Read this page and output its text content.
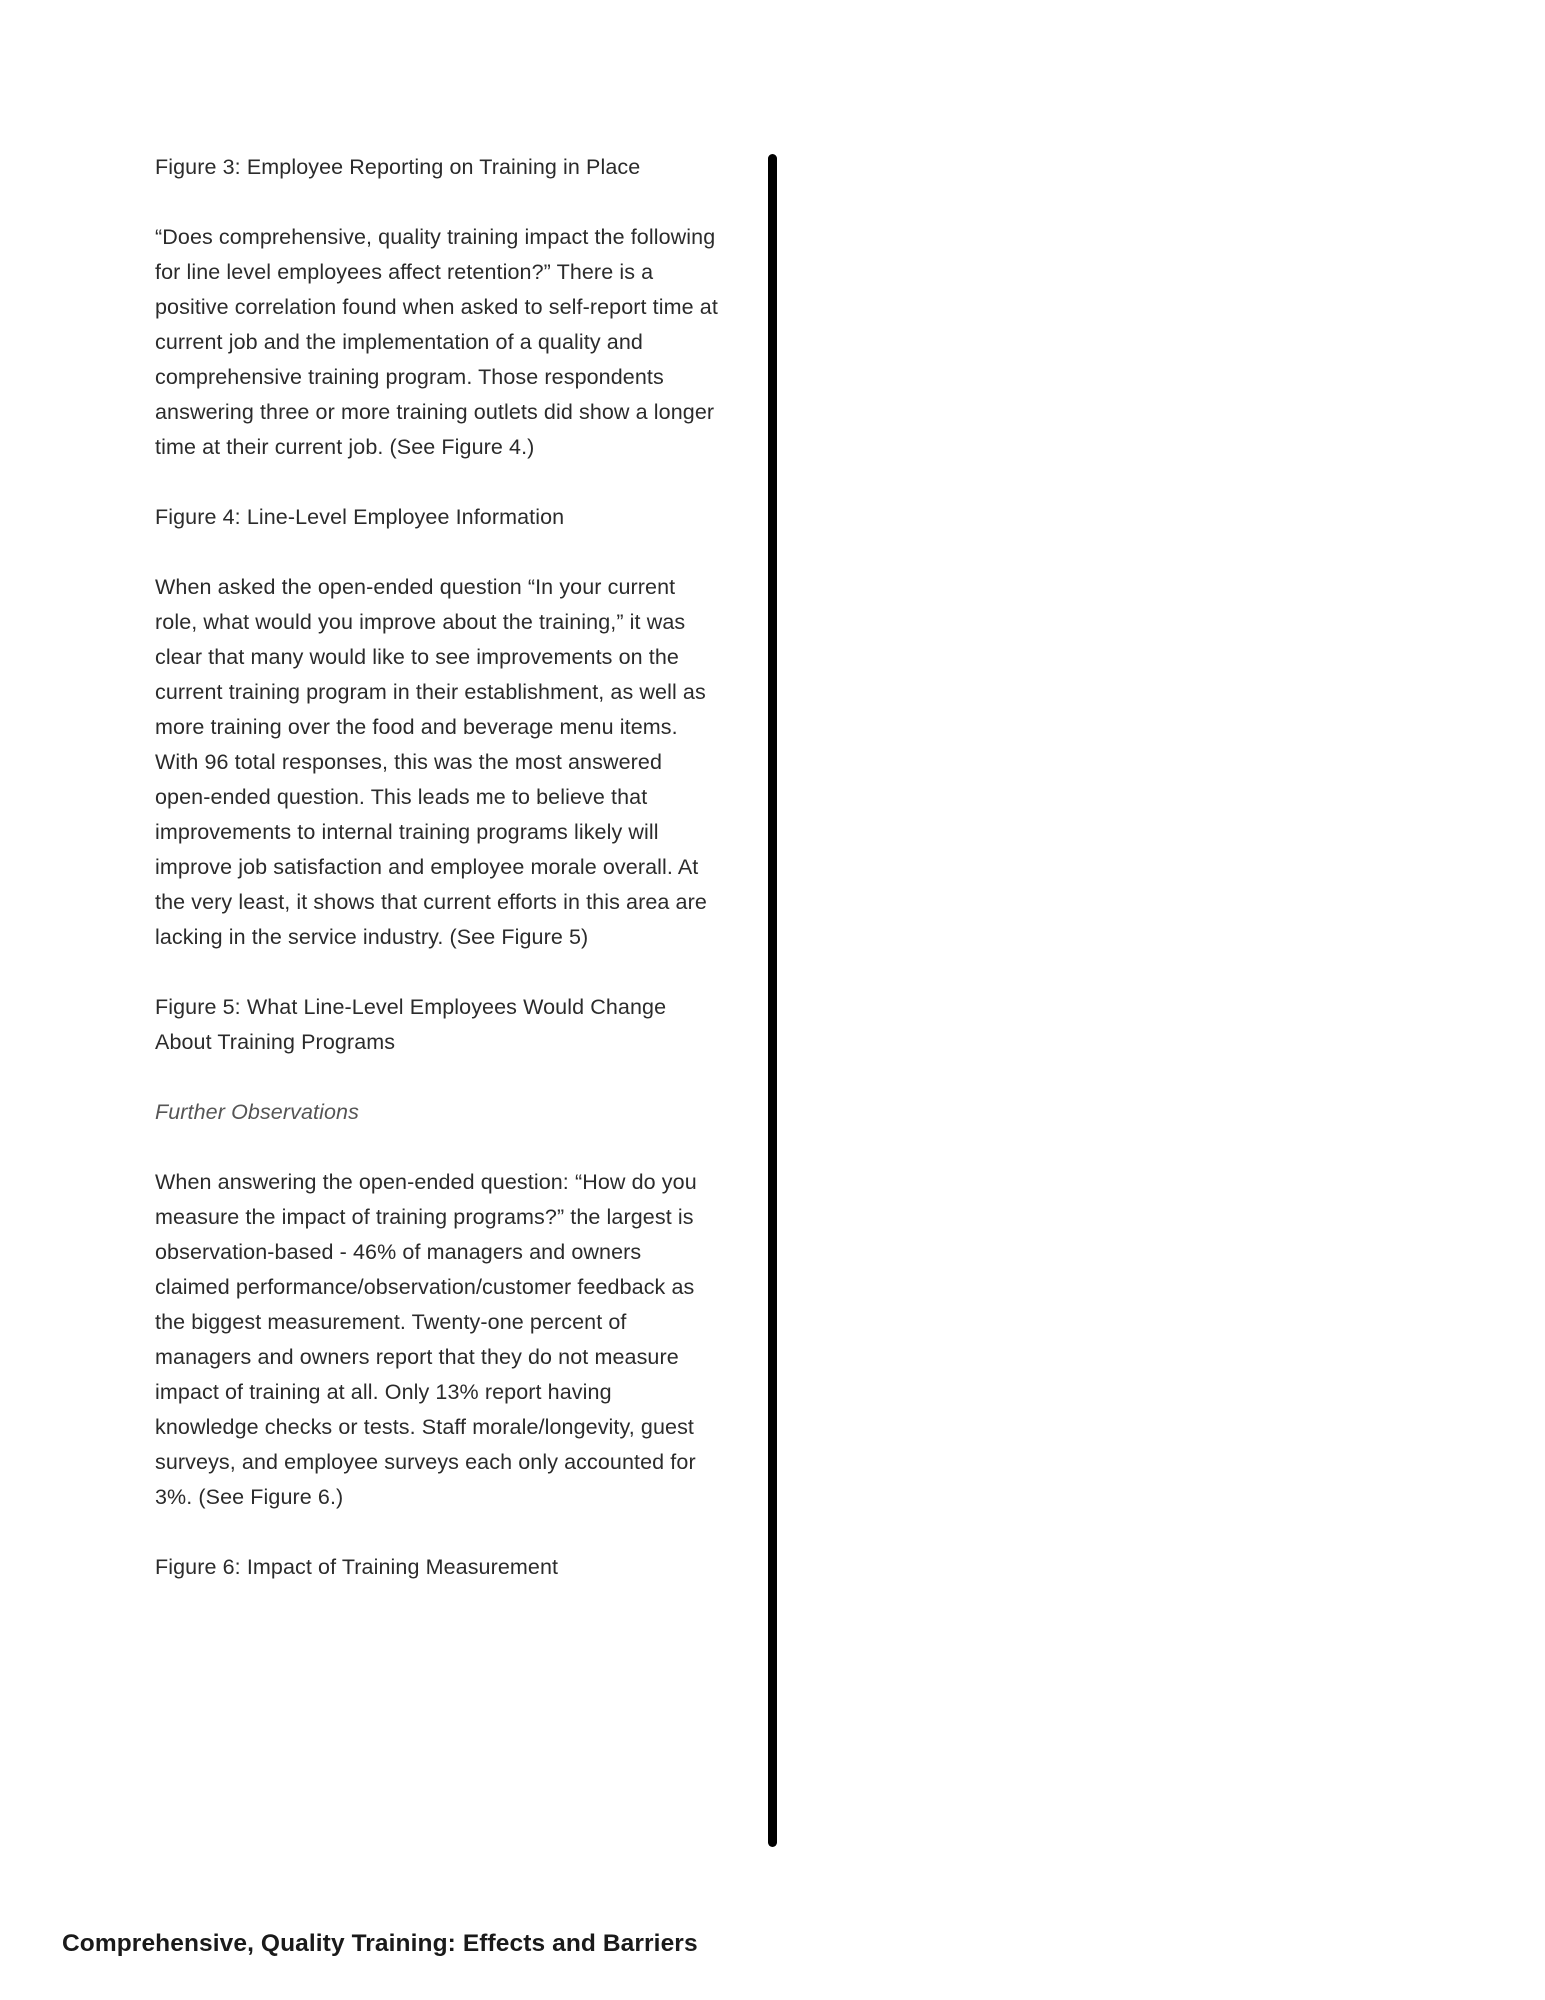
Figure 3: Employee Reporting on Training in Place

“Does comprehensive, quality training impact the following for line level employees affect retention?” There is a positive correlation found when asked to self-report time at current job and the implementation of a quality and comprehensive training program. Those respondents answering three or more training outlets did show a longer time at their current job. (See Figure 4.)

Figure 4: Line-Level Employee Information

When asked the open-ended question “In your current role, what would you improve about the training,” it was clear that many would like to see improvements on the current training program in their establishment, as well as more training over the food and beverage menu items. With 96 total responses, this was the most answered open-ended question. This leads me to believe that improvements to internal training programs likely will improve job satisfaction and employee morale overall. At the very least, it shows that current efforts in this area are lacking in the service industry. (See Figure 5)

Figure 5: What Line-Level Employees Would Change About Training Programs

Further Observations

When answering the open-ended question: “How do you measure the impact of training programs?” the largest is observation-based - 46% of managers and owners claimed performance/observation/customer feedback as the biggest measurement. Twenty-one percent of managers and owners report that they do not measure impact of training at all. Only 13% report having knowledge checks or tests. Staff morale/longevity, guest surveys, and employee surveys each only accounted for 3%. (See Figure 6.)

Figure 6: Impact of Training Measurement

Comprehensive, Quality Training: Effects and Barriers
